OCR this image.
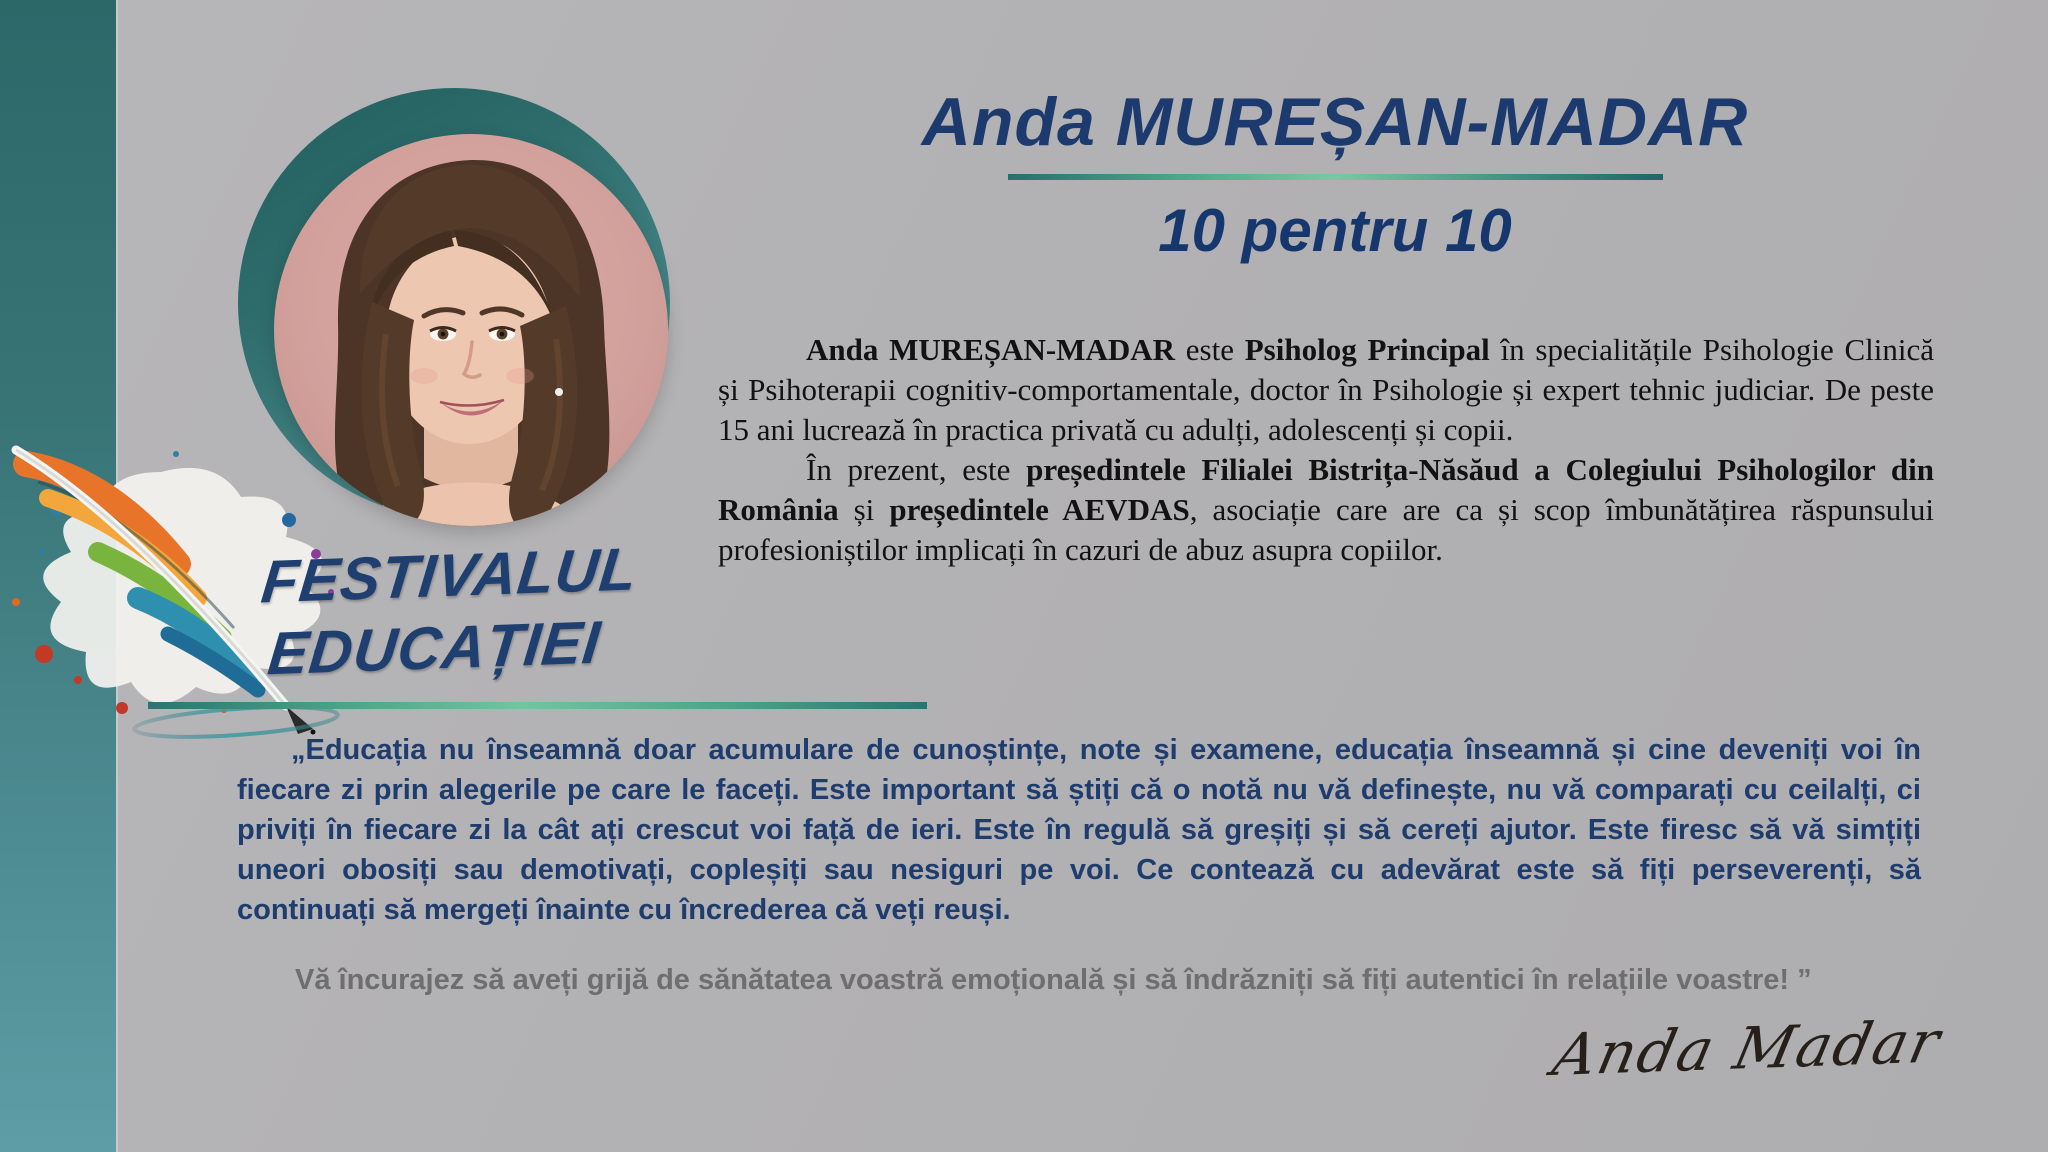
FESTIVALUL
EDUCAȚIEI
Anda MUREȘAN-MADAR
10 pentru 10

Anda MUREȘAN-MADAR este Psiholog Principal în specialitățile Psihologie Clinică și Psihoterapii cognitiv-comportamentale, doctor în Psihologie și expert tehnic judiciar. De peste 15 ani lucrează în practica privată cu adulți, adolescenți și copii.

În prezent, este președintele Filialei Bistrița-Năsăud a Colegiului Psihologilor din România și președintele AEVDAS, asociație care are ca și scop îmbunătățirea răspunsului profesioniștilor implicați în cazuri de abuz asupra copiilor.

„Educația nu înseamnă doar acumulare de cunoștințe, note și examene, educația înseamnă și cine deveniți voi în fiecare zi prin alegerile pe care le faceți. Este important să știți că o notă nu vă definește, nu vă comparați cu ceilalți, ci priviți în fiecare zi la cât ați crescut voi față de ieri. Este în regulă să greșiți și să cereți ajutor. Este firesc să vă simțiți uneori obosiți sau demotivați, copleșiți sau nesiguri pe voi. Ce contează cu adevărat este să fiți perseverenți, să continuați să mergeți înainte cu încrederea că veți reuși.
Vă încurajez să aveți grijă de sănătatea voastră emoțională și să îndrăzniți să fiți autentici în relațiile voastre! ”
Anda Madar
